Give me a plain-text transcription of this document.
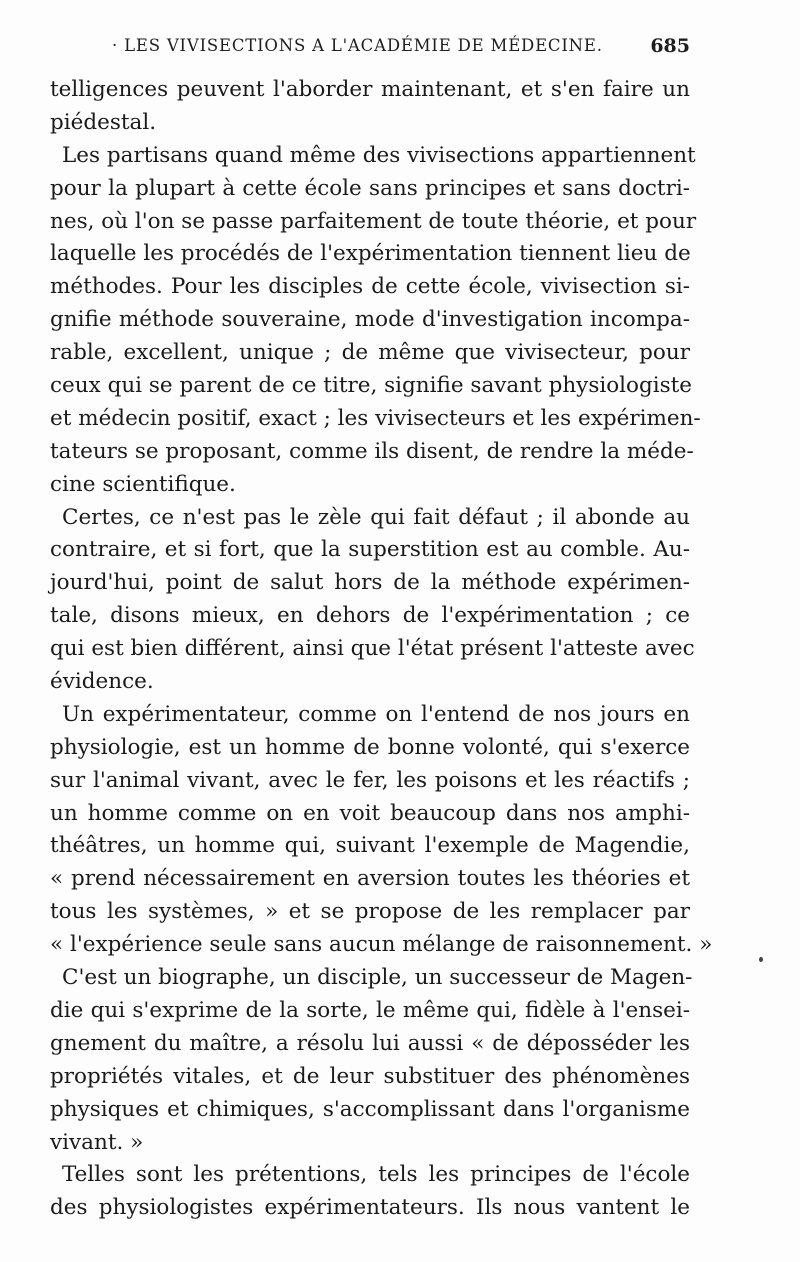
· LES VIVISECTIONS A L'ACADÉMIE DE MÉDECINE.	685
telligences peuvent l'aborder maintenant, et s'en faire un
piédestal.
Les partisans quand même des vivisections appartiennent
pour la plupart à cette école sans principes et sans doctri-
nes, où l'on se passe parfaitement de toute théorie, et pour
laquelle les procédés de l'expérimentation tiennent lieu de
méthodes. Pour les disciples de cette école, vivisection si-
gnifie méthode souveraine, mode d'investigation incompa-
rable, excellent, unique ; de même que vivisecteur, pour
ceux qui se parent de ce titre, signifie savant physiologiste
et médecin positif, exact ; les vivisecteurs et les expérimen-
tateurs se proposant, comme ils disent, de rendre la méde-
cine scientifique.
Certes, ce n'est pas le zèle qui fait défaut ; il abonde au
contraire, et si fort, que la superstition est au comble. Au-
jourd'hui, point de salut hors de la méthode expérimen-
tale, disons mieux, en dehors de l'expérimentation ; ce
qui est bien différent, ainsi que l'état présent l'atteste avec
évidence.
Un expérimentateur, comme on l'entend de nos jours en
physiologie, est un homme de bonne volonté, qui s'exerce
sur l'animal vivant, avec le fer, les poisons et les réactifs ;
un homme comme on en voit beaucoup dans nos amphi-
théâtres, un homme qui, suivant l'exemple de Magendie,
« prend nécessairement en aversion toutes les théories et
tous les systèmes, » et se propose de les remplacer par
« l'expérience seule sans aucun mélange de raisonnement. »
C'est un biographe, un disciple, un successeur de Magen-
die qui s'exprime de la sorte, le même qui, fidèle à l'ensei-
gnement du maître, a résolu lui aussi « de déposséder les
propriétés vitales, et de leur substituer des phénomènes
physiques et chimiques, s'accomplissant dans l'organisme
vivant. »
Telles sont les prétentions, tels les principes de l'école
des physiologistes expérimentateurs. Ils nous vantent le
